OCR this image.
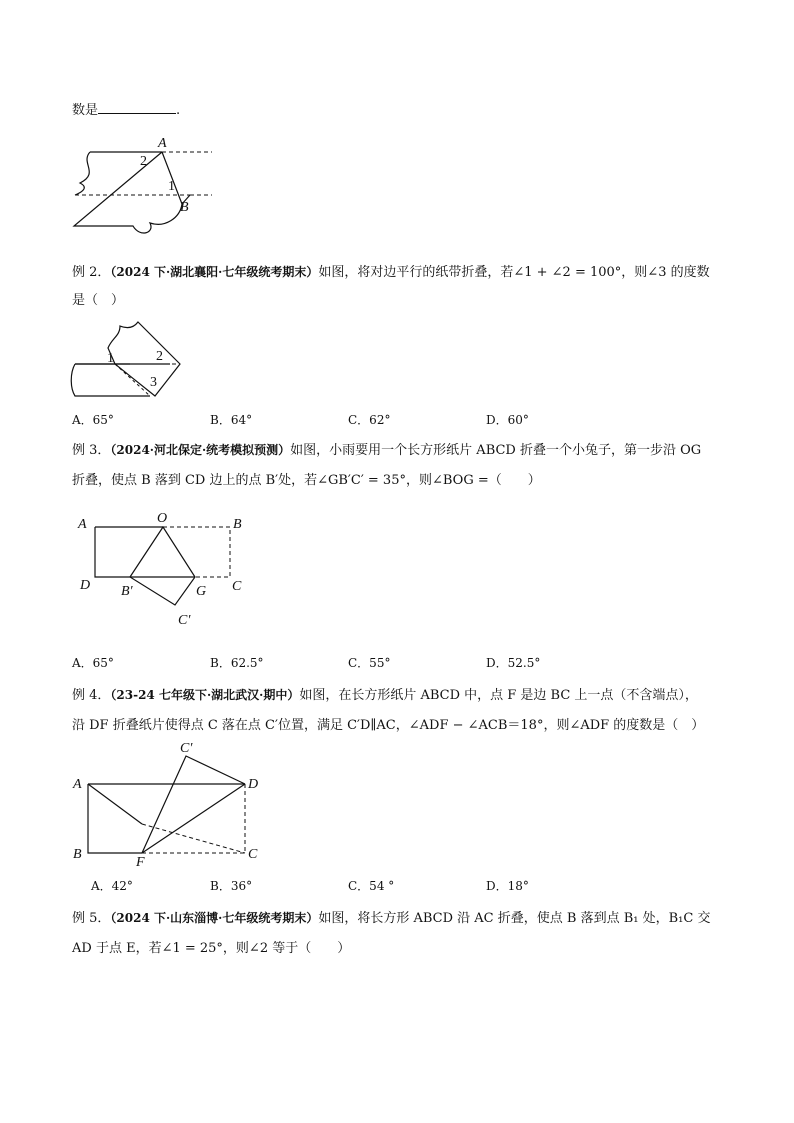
数是	.
A
2
1
B
例 2．（2024 下·湖北襄阳·七年级统考期末）如图，将对边平行的纸带折叠，若∠1 + ∠2 = 100°，则∠3 的度数
是（　）
1	2
3
A．65°	B．64°	C．62°	D．60°
例 3．（2024·河北保定·统考模拟预测）如图，小雨要用一个长方形纸片 ABCD 折叠一个小兔子，第一步沿 OG
折叠，使点 B 落到 CD 边上的点 B′处，若∠GB′C′ = 35°，则∠BOG =（　　）
A	O	B
D B′	G C
C′
A．65°	B．62.5°	C．55°	D．52.5°
例 4．（23-24 七年级下·湖北武汉·期中）如图，在长方形纸片 ABCD 中，点 F 是边 BC 上一点（不含端点），
沿 DF 折叠纸片使得点 C 落在点 C′位置，满足 C′D∥AC，∠ADF − ∠ACB＝18°，则∠ADF 的度数是（　）
C′
A	D
B
F
C
A．42°	B．36°	C．54 °	D．18°
例 5．（2024 下·山东淄博·七年级统考期末）如图，将长方形 ABCD 沿 AC 折叠，使点 B 落到点 B₁ 处，B₁C 交
AD 于点 E，若∠1 = 25°，则∠2 等于（　　）
